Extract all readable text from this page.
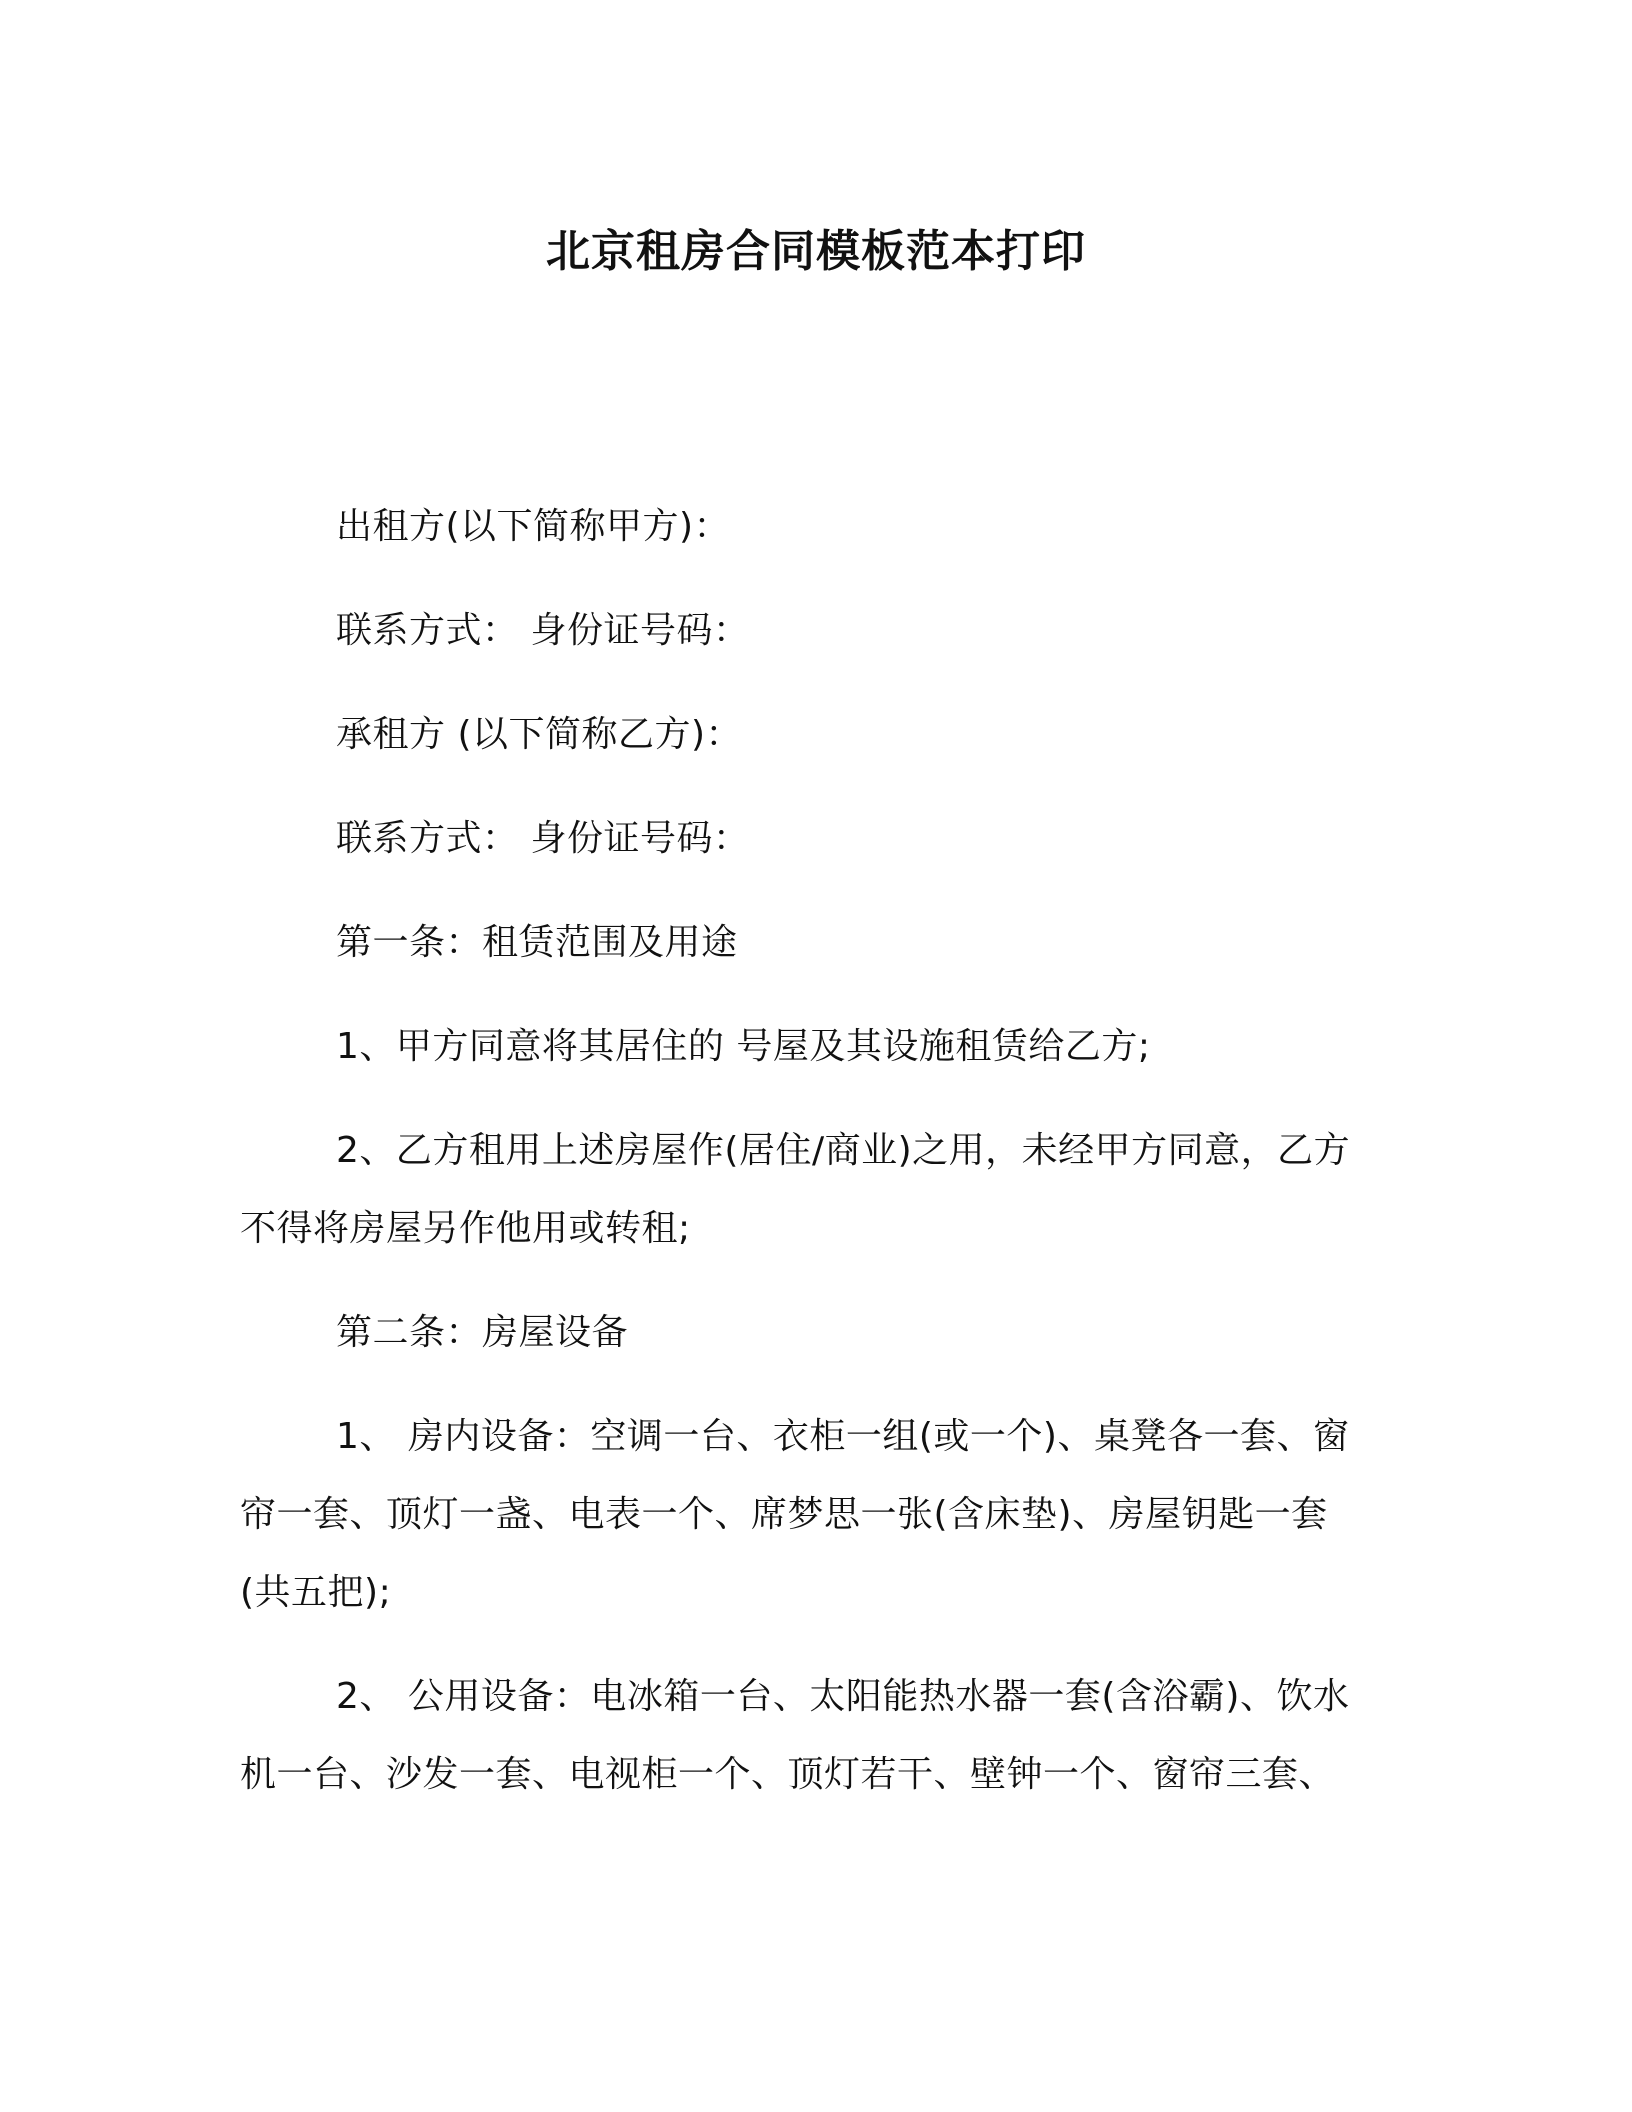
北京租房合同模板范本打印

出租方(以下简称甲方)：

联系方式： 身份证号码：

承租方 (以下简称乙方)：

联系方式： 身份证号码：

第一条：租赁范围及用途

1、甲方同意将其居住的 号屋及其设施租赁给乙方;

2、乙方租用上述房屋作(居住/商业)之用，未经甲方同意，乙方不得将房屋另作他用或转租;

第二条：房屋设备

1、 房内设备：空调一台、衣柜一组(或一个)、桌凳各一套、窗帘一套、顶灯一盏、电表一个、席梦思一张(含床垫)、房屋钥匙一套(共五把);

2、 公用设备：电冰箱一台、太阳能热水器一套(含浴霸)、饮水机一台、沙发一套、电视柜一个、顶灯若干、壁钟一个、窗帘三套、
